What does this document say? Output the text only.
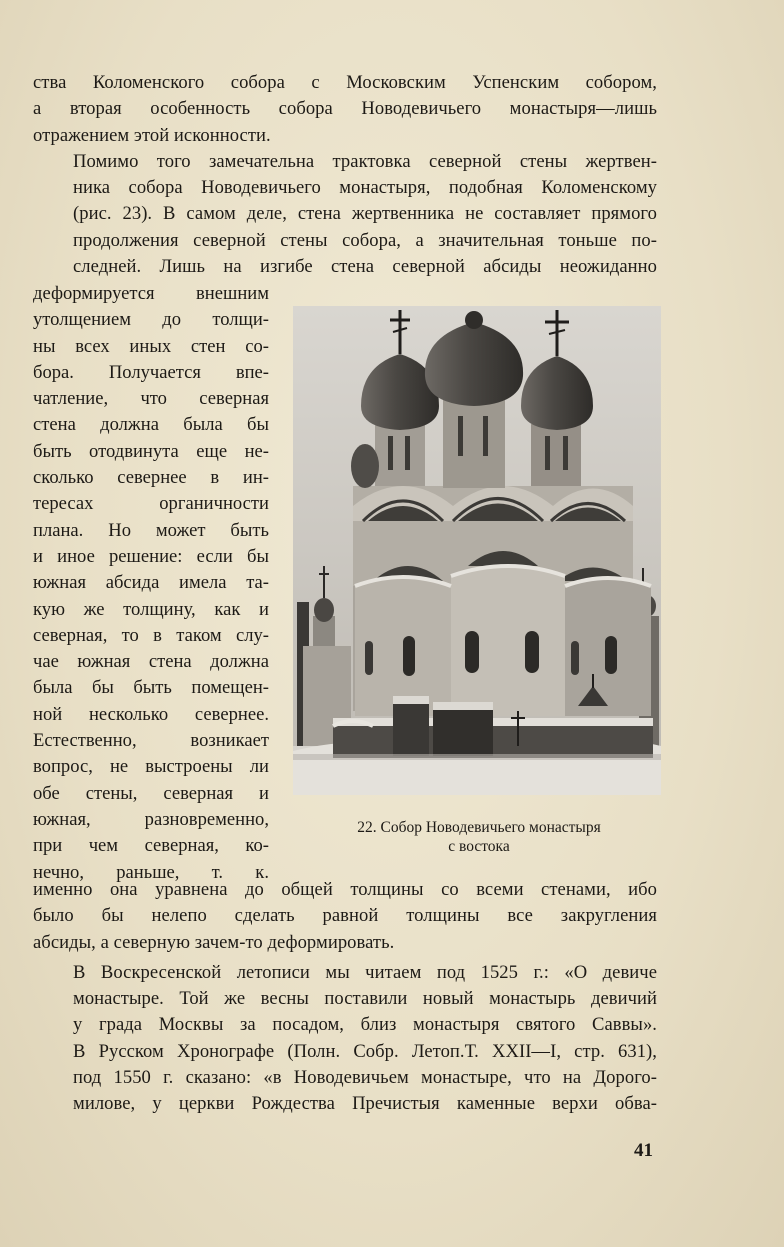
ства Коломенского собора с Московским Успенским собором,
а вторая особенность собора Новодевичьего монастыря—лишь
отражением этой исконности.

Помимо того замечательна трактовка северной стены жертвен-
ника собора Новодевичьего монастыря, подобная Коломенскому
(рис. 23). В самом деле, стена жертвенника не составляет прямого
продолжения северной стены собора, а значительная тоньше по-
следней. Лишь на изгибе стена северной абсиды неожиданно

деформируется внешним
утолщением до толщи-
ны всех иных стен со-
бора. Получается впе-
чатление, что северная
стена должна была бы
быть отодвинута еще не-
сколько севернее в ин-
тересах органичности
плана. Но может быть
и иное решение: если бы
южная абсида имела та-
кую же толщину, как и
северная, то в таком слу-
чае южная стена должна
была бы быть помещен-
ной несколько севернее.
Естественно, возникает
вопрос, не выстроены ли
обе стены, северная и
южная, разновременно,
при чем северная, ко-
нечно, раньше, т. к.
22. Собор Новодевичьего монастыря
с востока

именно она уравнена до общей толщины со всеми стенами, ибо
было бы нелепо сделать равной толщины все закругления
абсиды, а северную зачем-то деформировать.

В Воскресенской летописи мы читаем под 1525 г.: «О девиче
монастыре. Той же весны поставили новый монастырь девичий
у града Москвы за посадом, близ монастыря святого Саввы».
В Русском Хронографе (Полн. Собр. Летоп.Т. XXII—I, стр. 631),
под 1550 г. сказано: «в Новодевичьем монастыре, что на Дорого-
милове, у церкви Рождества Пречистыя каменные верхи обва-

41
